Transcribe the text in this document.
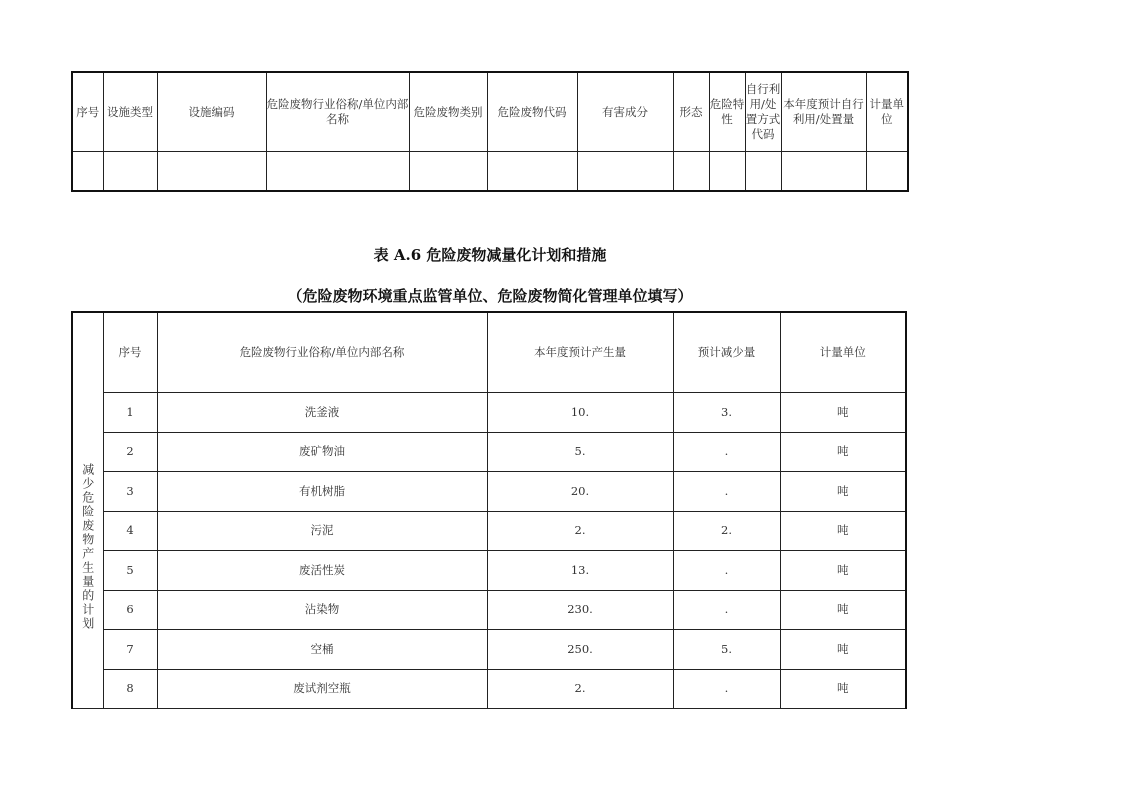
序号	设施类型	设施编码	危险废物行业俗称/单位内部名称	危险废物类别	危险废物代码	有害成分	形态	危险特性	自行利用/处置方式代码	本年度预计自行利用/处置量	计量单位

表 A.6 危险废物减量化计划和措施
（危险废物环境重点监管单位、危险废物简化管理单位填写）
减少危险废物产生量的计划	序号	危险废物行业俗称/单位内部名称	本年度预计产生量	预计减少量	计量单位
	1	洗釜液	10.	3.	吨
	2	废矿物油	5.	.	吨
	3	有机树脂	20.	.	吨
	4	污泥	2.	2.	吨
	5	废活性炭	13.	.	吨
	6	沾染物	230.	.	吨
	7	空桶	250.	5.	吨
	8	废试剂空瓶	2.	.	吨
